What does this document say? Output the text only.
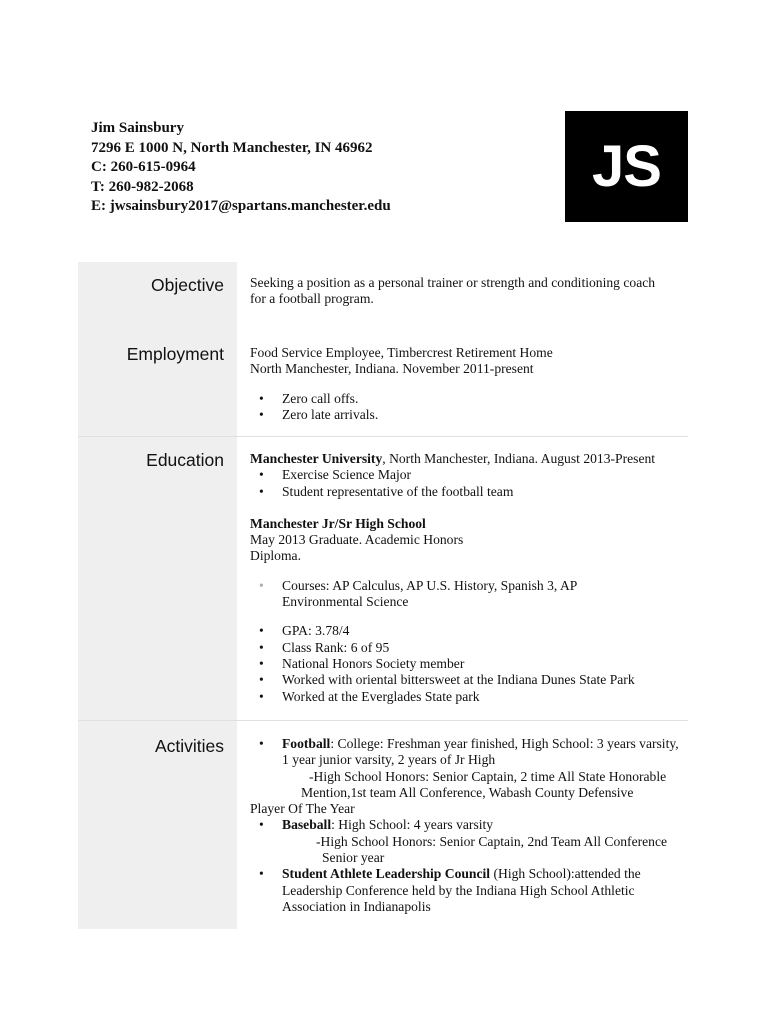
Jim Sainsbury
7296 E 1000 N, North Manchester, IN 46962
C: 260-615-0964
T: 260-982-2068
E: jwsainsbury2017@spartans.manchester.edu
JS
Objective
Employment

Seeking a position as a personal trainer or strength and conditioning coach for a football program.

Food Service Employee, Timbercrest Retirement Home

North Manchester, Indiana. November 2011-present

• Zero call offs.
• Zero late arrivals.
Education Manchester University, North Manchester, Indiana. August 2013-Present

• Exercise Science Major
• Student representative of the football team

Manchester Jr/Sr High School

May 2013 Graduate. Academic Honors

Diploma.

• Courses: AP Calculus, AP U.S. History, Spanish 3, AP Environmental Science
• GPA: 3.78/4
• Class Rank: 6 of 95
• National Honors Society member
• Worked with oriental bittersweet at the Indiana Dunes State Park
• Worked at the Everglades State park
Activities
•	Football: College: Freshman year finished, High School: 3 years varsity, 1 year junior varsity, 2 years of Jr High

-High School Honors: Senior Captain, 2 time All State Honorable

Mention,1st team All Conference, Wabash County Defensive

Player Of The Year

• Baseball: High School: 4 years varsity

-High School Honors: Senior Captain, 2nd Team All Conference

Senior year

• Student Athlete Leadership Council (High School):attended the Leadership Conference held by the Indiana High School Athletic Association in Indianapolis
